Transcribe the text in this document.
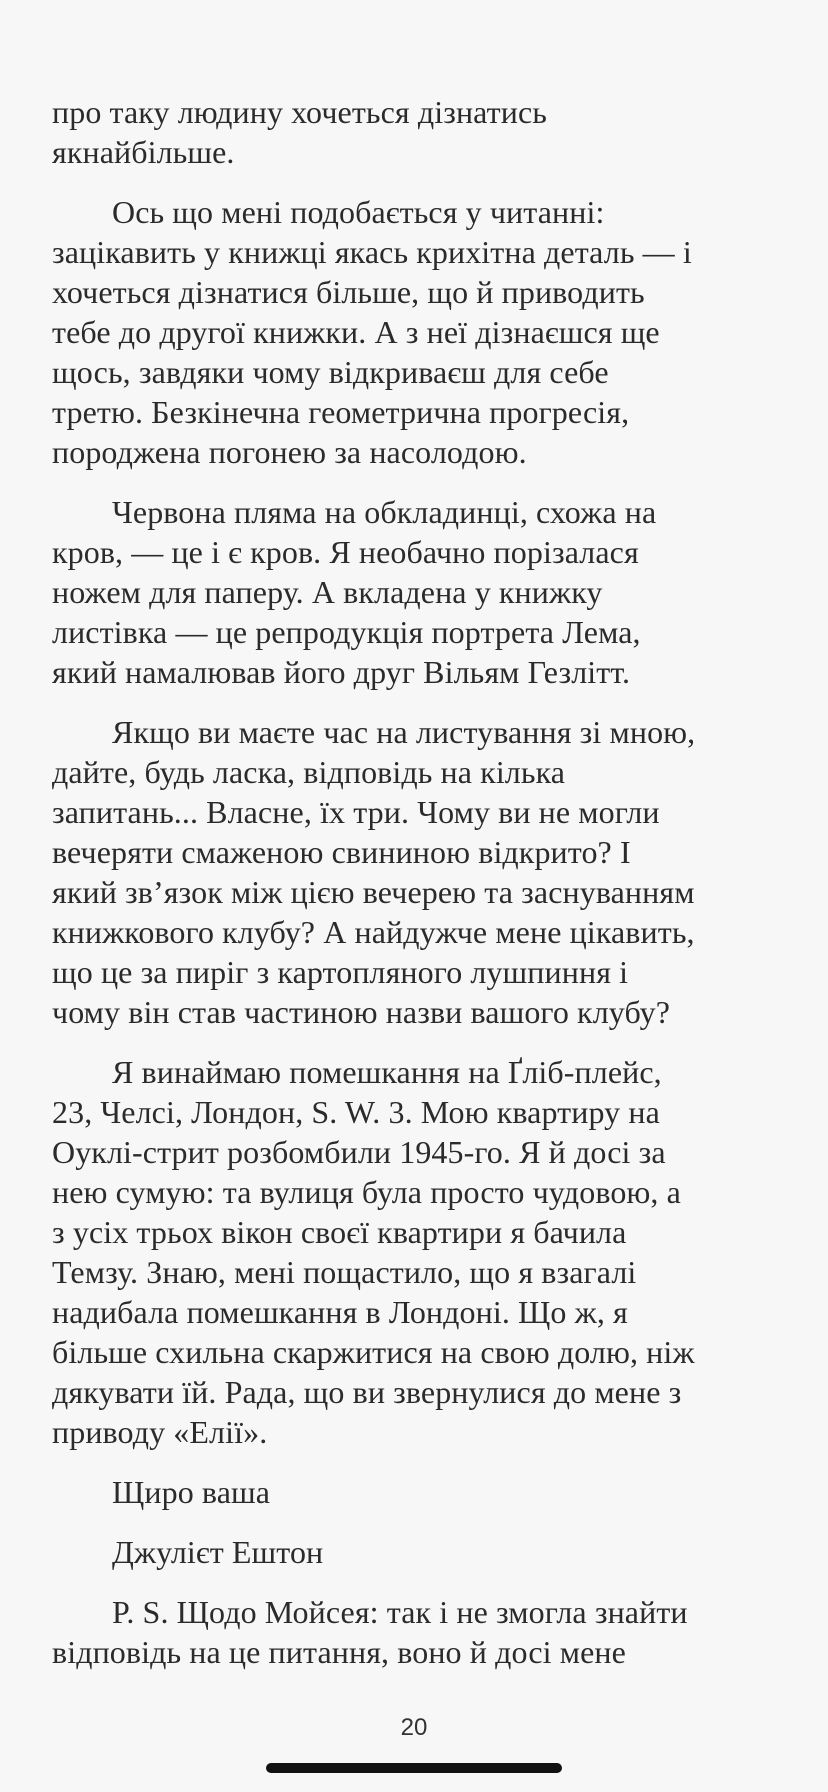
про таку людину хочеться дізнатись
якнайбільше.

Ось що мені подобається у читанні:
зацікавить у книжці якась крихітна деталь — і
хочеться дізнатися більше, що й приводить
тебе до другої книжки. А з неї дізнаєшся ще
щось, завдяки чому відкриваєш для себе
третю. Безкінечна геометрична прогресія,
породжена погонею за насолодою.

Червона пляма на обкладинці, схожа на
кров, — це і є кров. Я необачно порізалася
ножем для паперу. А вкладена у книжку
листівка — це репродукція портрета Лема,
який намалював його друг Вільям Гезлітт.

Якщо ви маєте час на листування зі мною,
дайте, будь ласка, відповідь на кілька
запитань... Власне, їх три. Чому ви не могли
вечеряти смаженою свининою відкрито? І
який звʼязок між цією вечерею та заснуванням
книжкового клубу? А найдужче мене цікавить,
що це за пиріг з картопляного лушпиння і
чому він став частиною назви вашого клубу?

Я винаймаю помешкання на Ґліб-плейс,
23, Челсі, Лондон, S. W. 3. Мою квартиру на
Оуклі-стрит розбомбили 1945-го. Я й досі за
нею сумую: та вулиця була просто чудовою, а
з усіх трьох вікон своєї квартири я бачила
Темзу. Знаю, мені пощастило, що я взагалі
надибала помешкання в Лондоні. Що ж, я
більше схильна скаржитися на свою долю, ніж
дякувати їй. Рада, що ви звернулися до мене з
приводу «Елії».

Щиро ваша

Джулієт Ештон

P. S. Щодо Мойсея: так і не змогла знайти
відповідь на це питання, воно й досі мене

20
